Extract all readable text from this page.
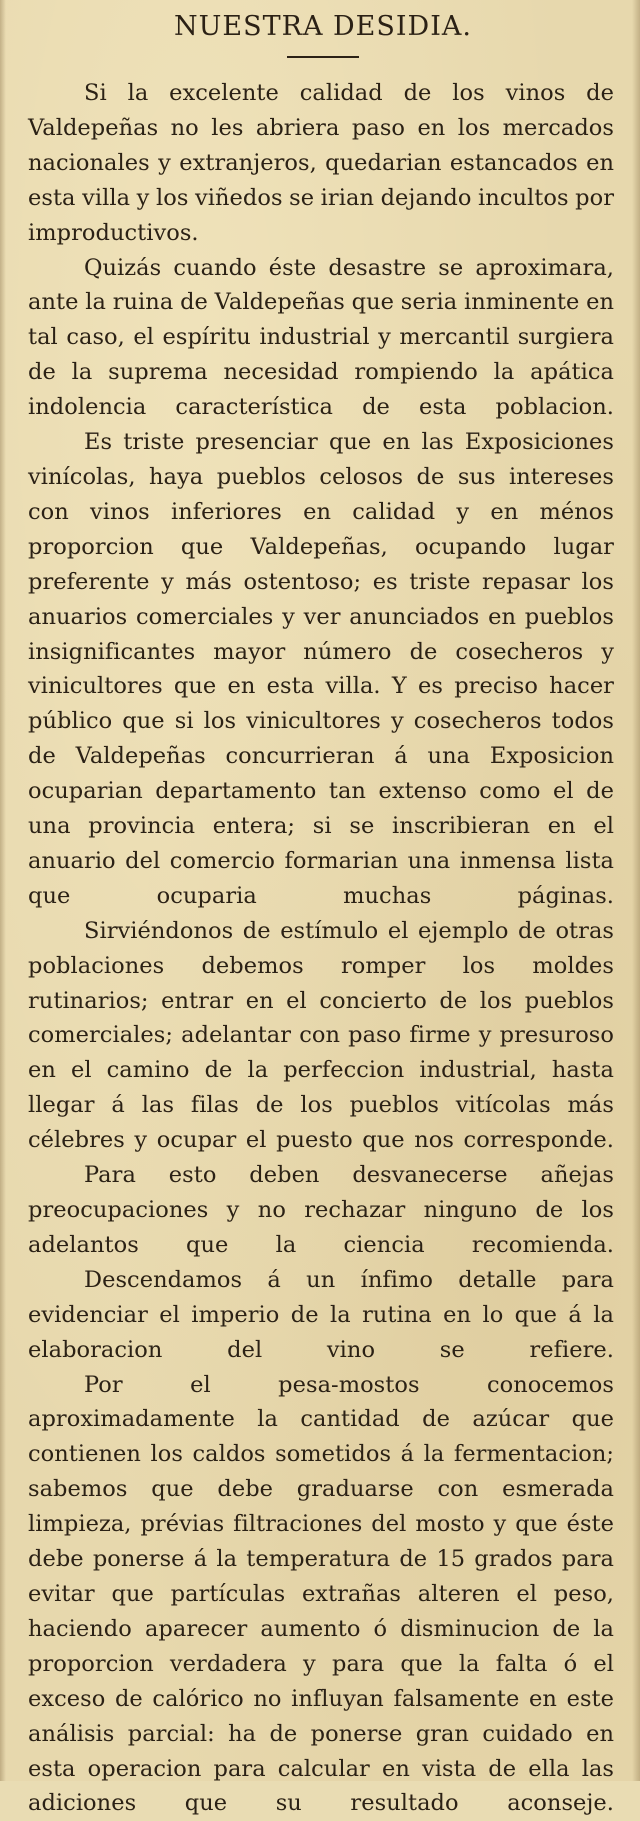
NUESTRA DESIDIA.

Si la excelente calidad de los vinos de Valdepeñas no les abriera paso en los mercados nacionales y extranjeros, quedarian estancados en esta villa y los viñedos se irian dejando incultos por improductivos.

Quizás cuando éste desastre se aproximara, ante la ruina de Valdepeñas que seria inminente en tal caso, el espíritu industrial y mercantil surgiera de la suprema necesidad rompiendo la apática indolencia característica de esta poblacion.

Es triste presenciar que en las Exposiciones vinícolas, haya pueblos celosos de sus intereses con vinos inferiores en calidad y en ménos proporcion que Valdepeñas, ocupando lugar preferente y más ostentoso; es triste repasar los anuarios comerciales y ver anunciados en pueblos insignificantes mayor número de cosecheros y vinicultores que en esta villa. Y es preciso hacer público que si los vinicultores y cosecheros todos de Valdepeñas concurrieran á una Exposicion ocuparian departamento tan extenso como el de una provincia entera; si se inscribieran en el anuario del comercio formarian una inmensa lista que ocuparia muchas páginas.

Sirviéndonos de estímulo el ejemplo de otras poblaciones debemos romper los moldes rutinarios; entrar en el concierto de los pueblos comerciales; adelantar con paso firme y presuroso en el camino de la perfeccion industrial, hasta llegar á las filas de los pueblos vitícolas más célebres y ocupar el puesto que nos corresponde.

Para esto deben desvanecerse añejas preocupaciones y no rechazar ninguno de los adelantos que la ciencia recomienda.

Descendamos á un ínfimo detalle para evidenciar el imperio de la rutina en lo que á la elaboracion del vino se refiere.

Por el pesa-mostos conocemos aproximadamente la cantidad de azúcar que contienen los caldos sometidos á la fermentacion; sabemos que debe graduarse con esmerada limpieza, prévias filtraciones del mosto y que éste debe ponerse á la temperatura de 15 grados para evitar que partículas extrañas alteren el peso, haciendo aparecer aumento ó disminucion de la proporcion verdadera y para que la falta ó el exceso de calórico no influyan falsamente en este análisis parcial: ha de ponerse gran cuidado en esta operacion para calcular en vista de ella las adiciones que su resultado aconseje.
